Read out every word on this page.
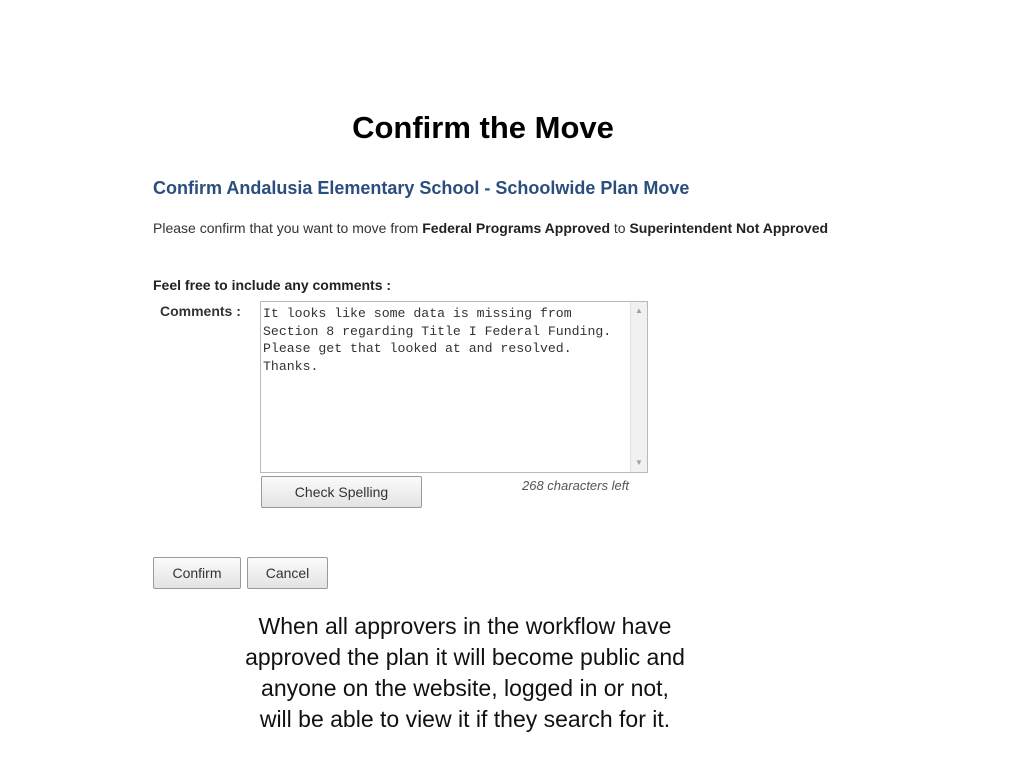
Confirm the Move
Confirm Andalusia Elementary School - Schoolwide Plan Move
Please confirm that you want to move from Federal Programs Approved to Superintendent Not Approved
Feel free to include any comments :
Comments :
It looks like some data is missing from Section 8 regarding Title I Federal Funding. Please get that looked at and resolved. Thanks.	▲
▼
Check Spelling	268 characters left
Confirm	Cancel

When all approvers in the workflow have
approved the plan it will become public and
anyone on the website, logged in or not,
will be able to view it if they search for it.
